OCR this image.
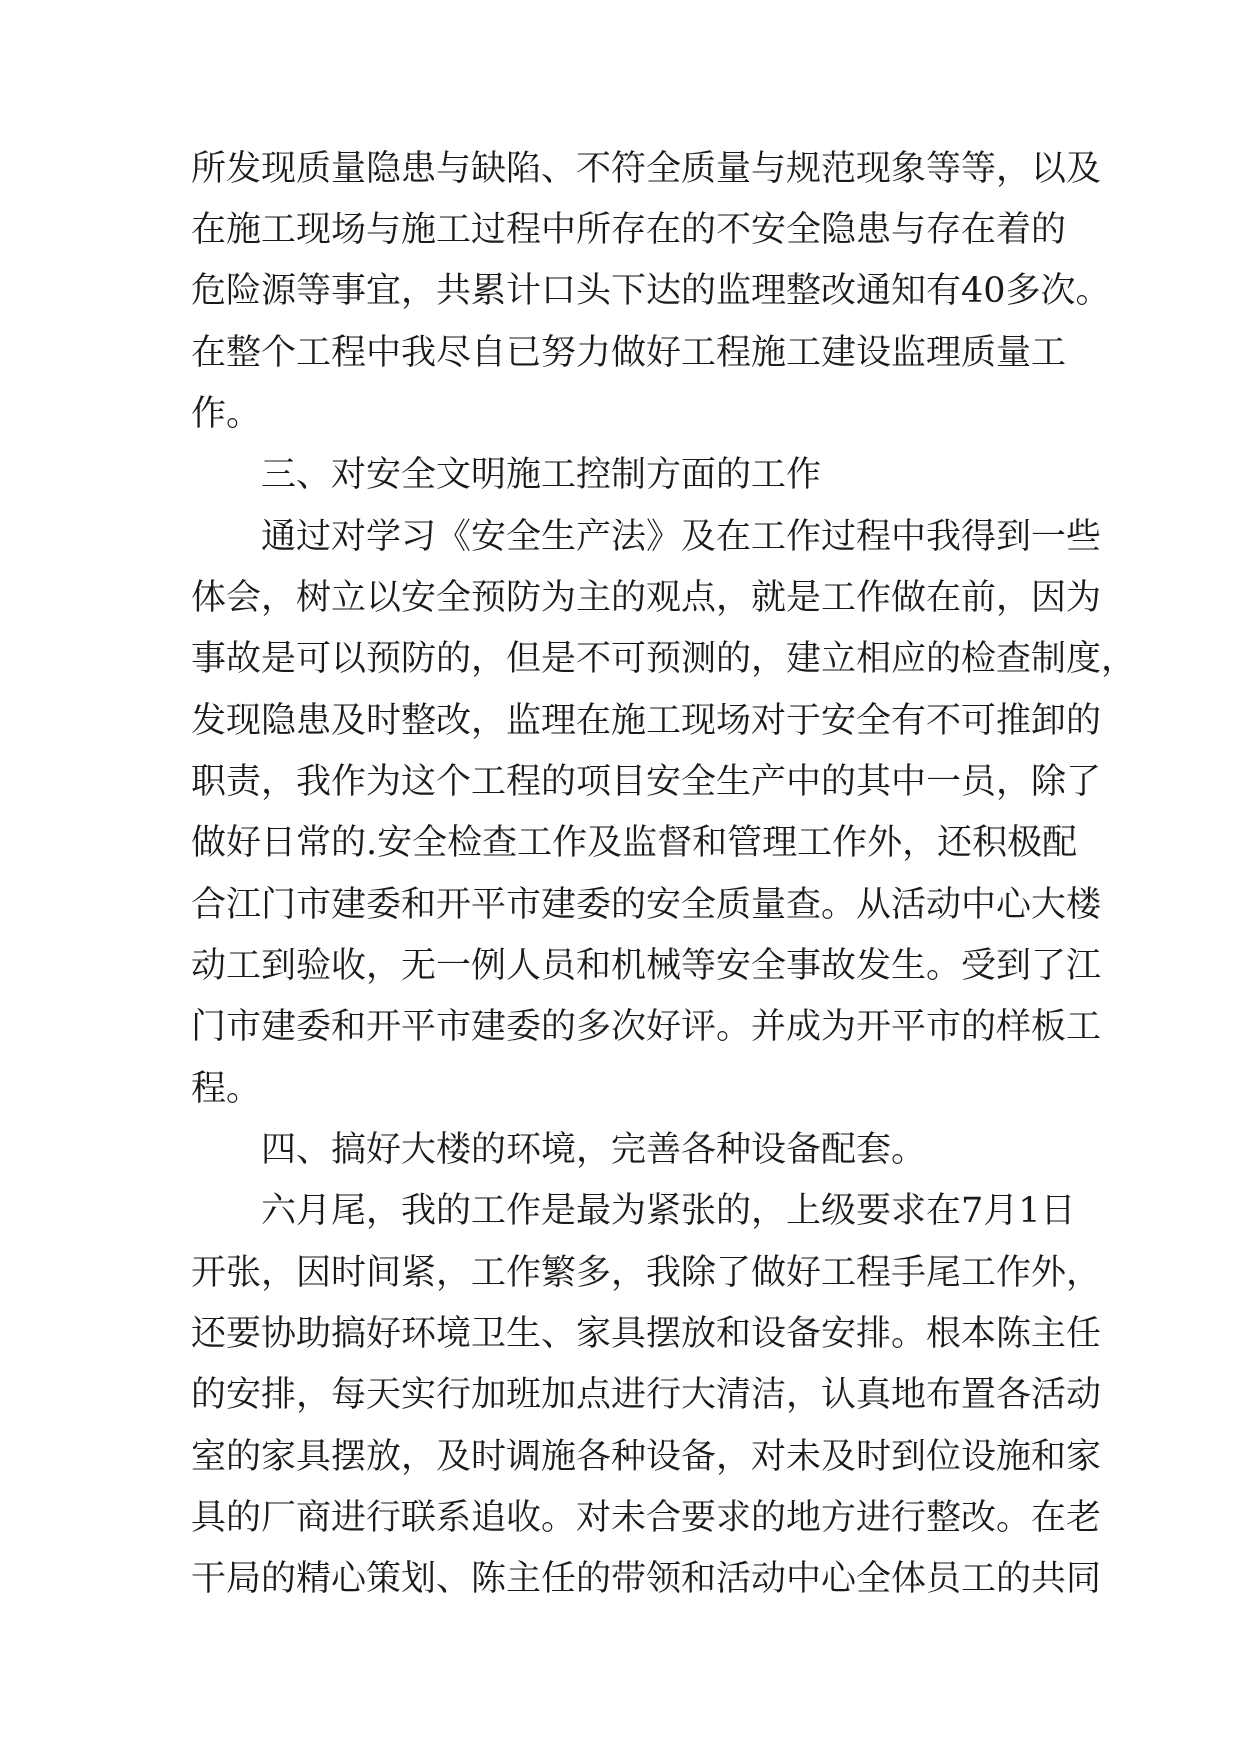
所发现质量隐患与缺陷、不符全质量与规范现象等等，以及
在施工现场与施工过程中所存在的不安全隐患与存在着的
危险源等事宜，共累计口头下达的监理整改通知有40多次。
在整个工程中我尽自已努力做好工程施工建设监理质量工
作。
三、对安全文明施工控制方面的工作
通过对学习《安全生产法》及在工作过程中我得到一些
体会，树立以安全预防为主的观点，就是工作做在前，因为
事故是可以预防的，但是不可预测的，建立相应的检查制度，
发现隐患及时整改，监理在施工现场对于安全有不可推卸的
职责，我作为这个工程的项目安全生产中的其中一员，除了
做好日常的.安全检查工作及监督和管理工作外，还积极配
合江门市建委和开平市建委的安全质量查。从活动中心大楼
动工到验收，无一例人员和机械等安全事故发生。受到了江
门市建委和开平市建委的多次好评。并成为开平市的样板工
程。
四、搞好大楼的环境，完善各种设备配套。
六月尾，我的工作是最为紧张的，上级要求在7月1日
开张，因时间紧，工作繁多，我除了做好工程手尾工作外，
还要协助搞好环境卫生、家具摆放和设备安排。根本陈主任
的安排，每天实行加班加点进行大清洁，认真地布置各活动
室的家具摆放，及时调施各种设备，对未及时到位设施和家
具的厂商进行联系追收。对未合要求的地方进行整改。在老
干局的精心策划、陈主任的带领和活动中心全体员工的共同
